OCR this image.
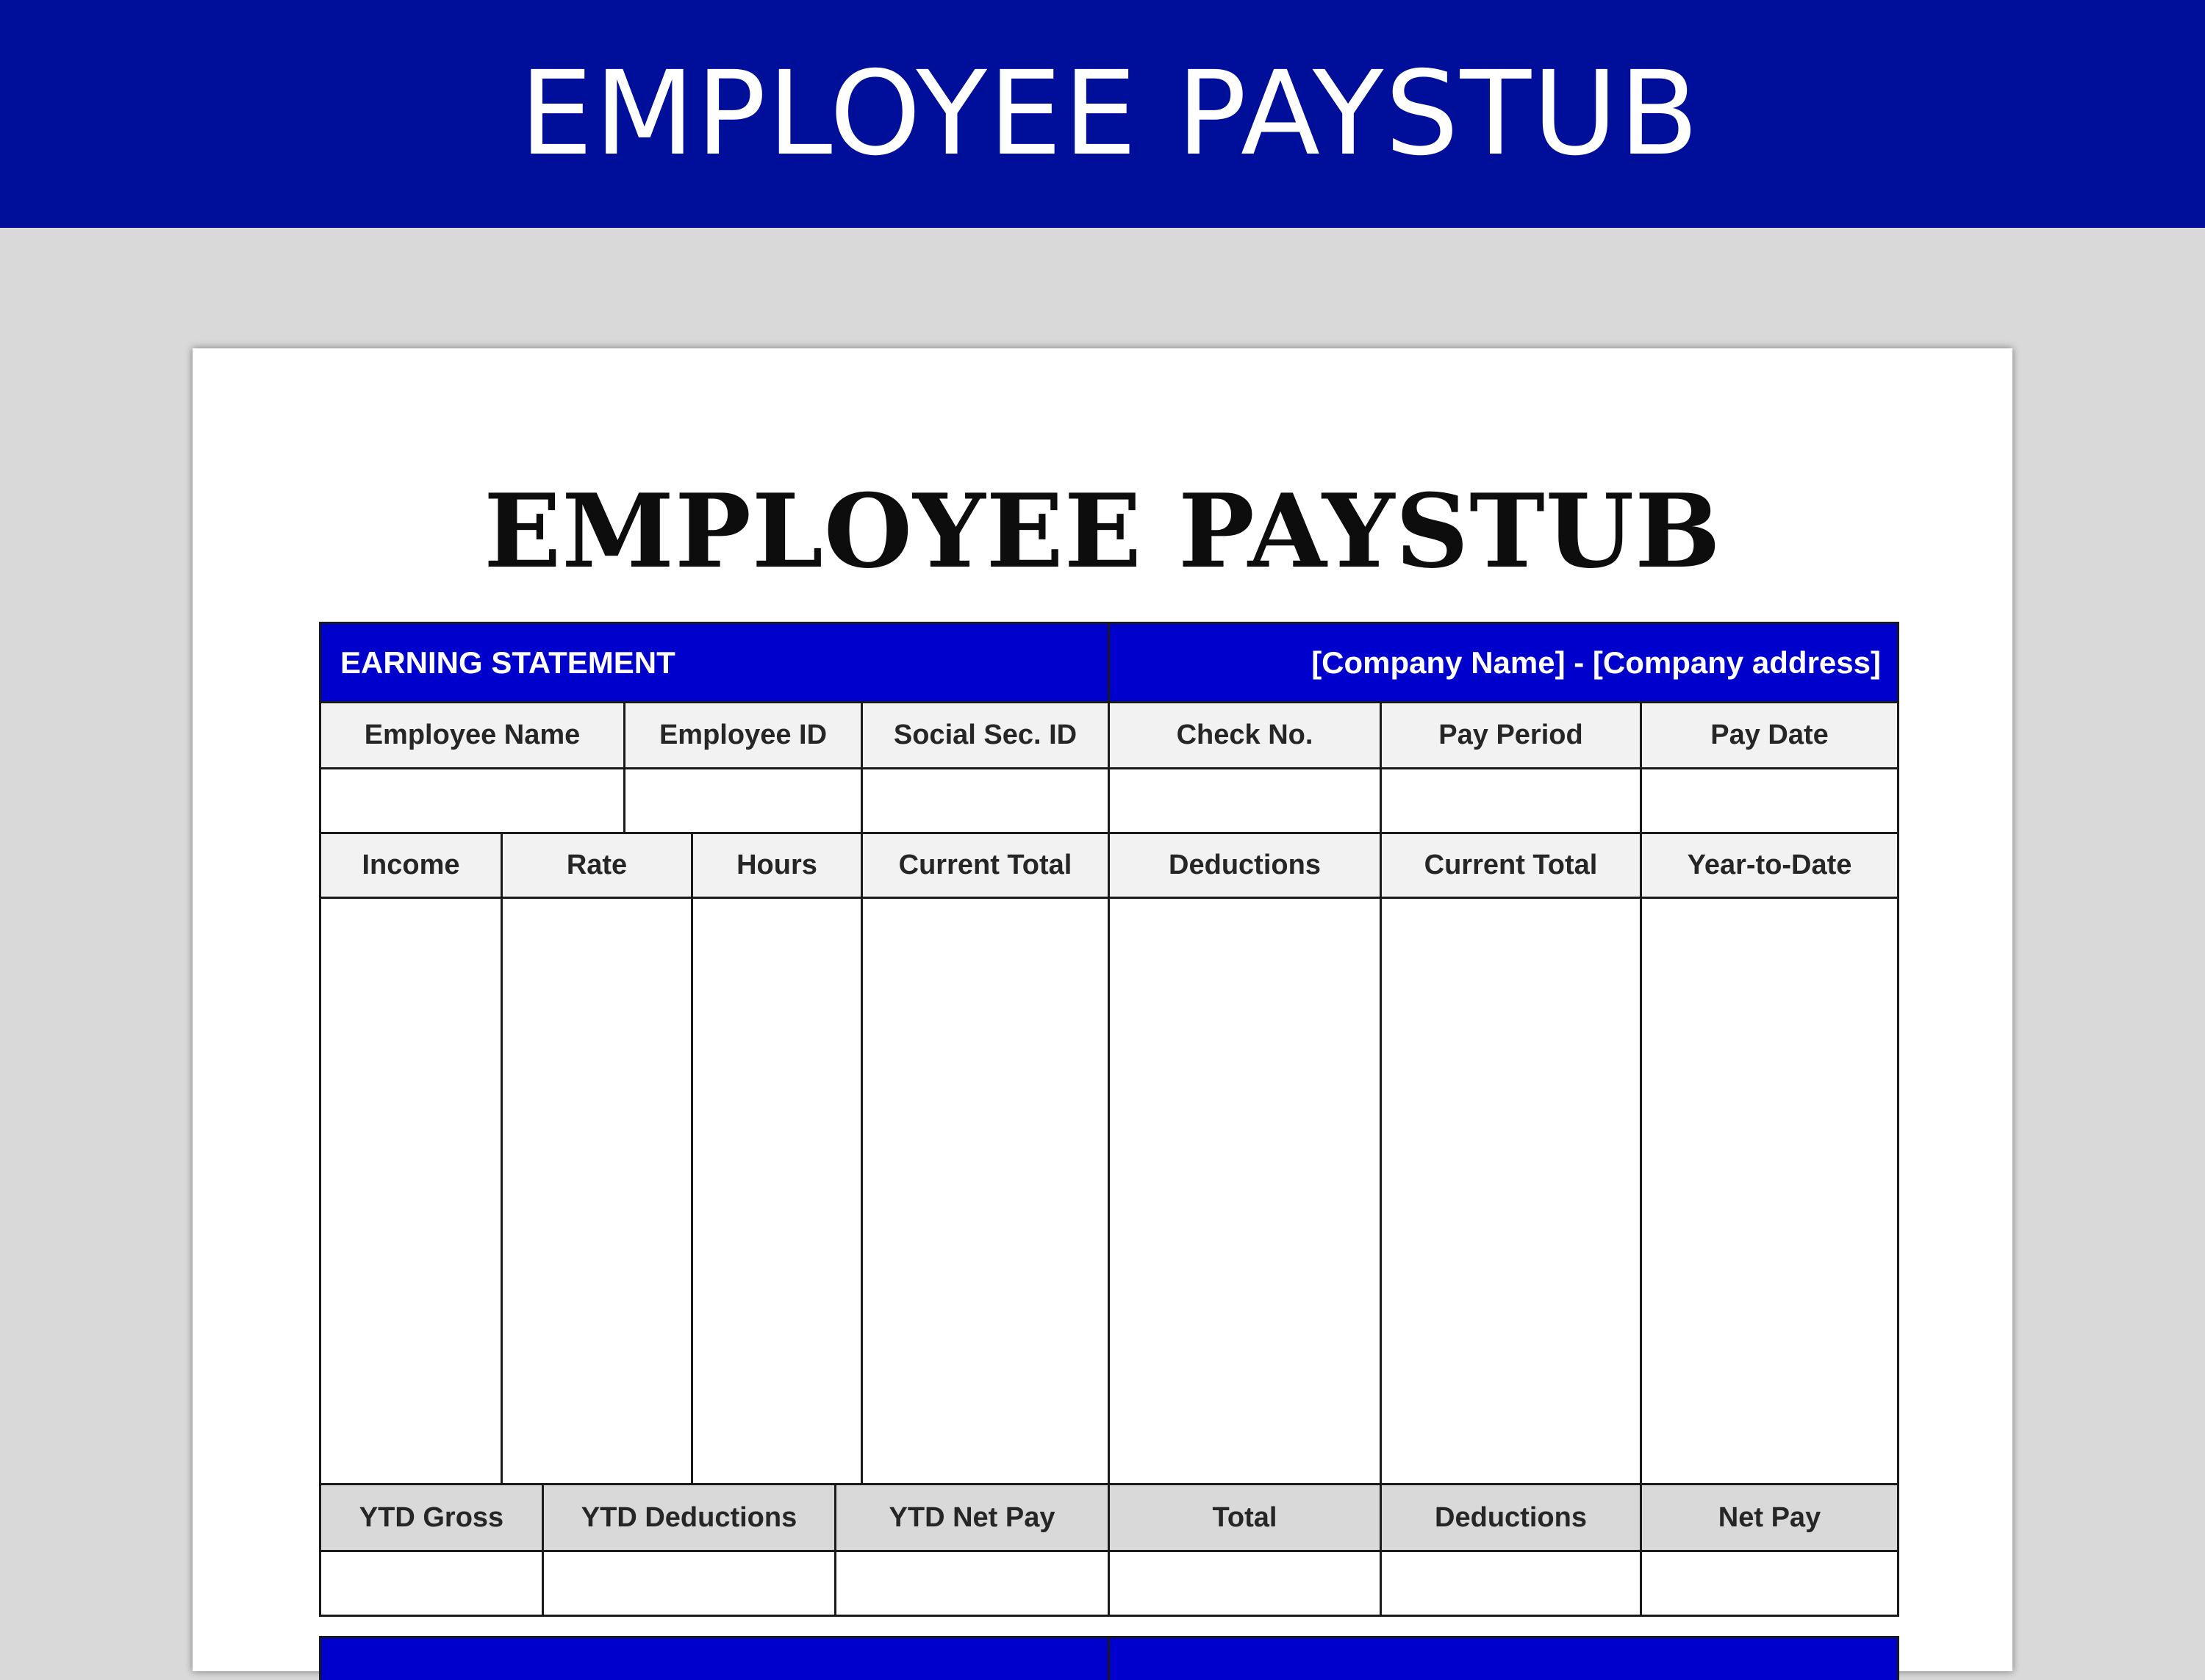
EMPLOYEE PAYSTUB
EMPLOYEE PAYSTUB
EARNING STATEMENT	[Company Name] - [Company address]
Employee Name	Employee ID	Social Sec. ID	Check No.	Pay Period	Pay Date
Income	Rate	Hours	Current Total	Deductions	Current Total	Year-to-Date
YTD Gross	YTD Deductions	YTD Net Pay	Total	Deductions	Net Pay
